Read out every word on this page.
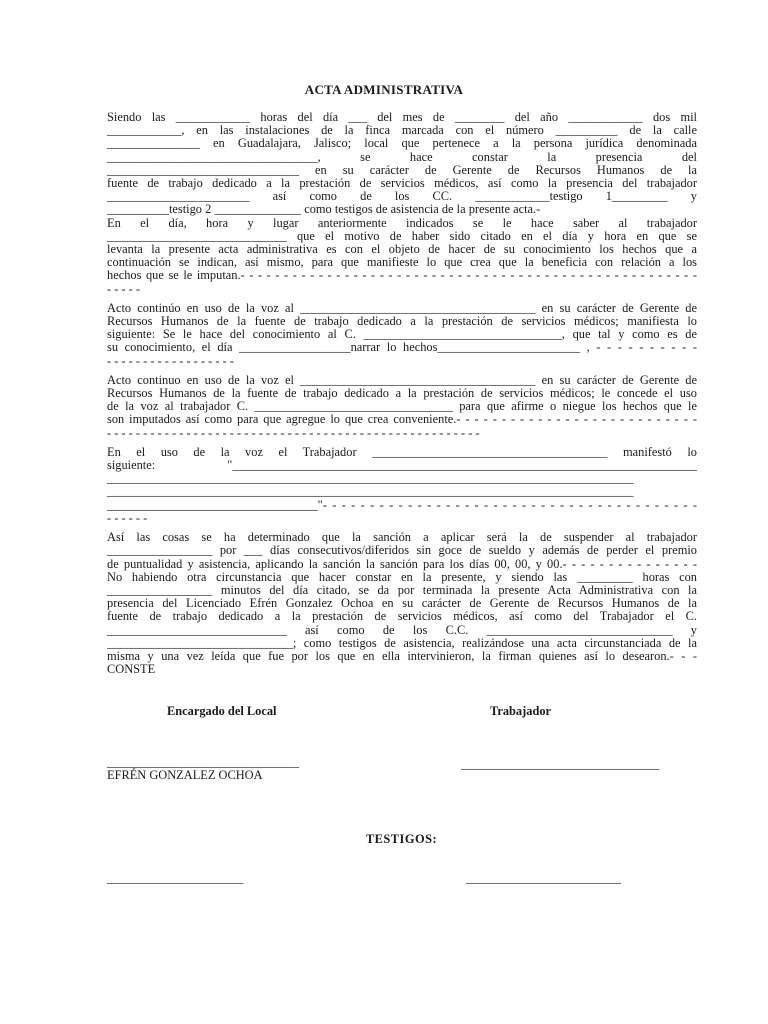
ACTA ADMINISTRATIVA

Siendo las ____________ horas del día ___ del mes de ________ del año ____________ dos mil

____________, en las instalaciones de la finca marcada con el número __________ de la calle

_______________ en Guadalajara, Jalisco; local que pertenece a la persona jurídica denominada

__________________________________, se hace constar la presencia del

_______________________________ en su carácter de Gerente de Recursos Humanos de la

fuente de trabajo dedicado a la prestación de servicios médicos, así como la presencia del trabajador

_______________________ así como de los CC. ____________testigo 1_________ y

__________testigo 2 ______________ como testigos de asistencia de la presente acta.-

En el día, hora y lugar anteriormente indicados se le hace saber al trabajador

_____________________________ que el motivo de haber sido citado en el día y hora en que se

levanta la presente acta administrativa es con el objeto de hacer de su conocimiento los hechos que a

continuación se indican, así mismo, para que manifieste lo que crea que la beneficia con relación a los

hechos que se le imputan.- - - - - - - - - - - - - - - - - - - - - - - - - - - - - - - - - - - - - - - - - - - - - - - - - - - - -

- - - - -

Acto continúo en uso de la voz al ______________________________________ en su carácter de Gerente de

Recursos Humanos de la fuente de trabajo dedicado a la prestación de servicios médicos; manifiesta lo

siguiente: Se le hace del conocimiento al C. ________________________________, que tal y como es de

su conocimiento, el día __________________narrar lo hechos_______________________ , - - - - - - - - - -

- - - - - - - - - - - - - - - - - -

Acto continuo en uso de la voz el ______________________________________ en su carácter de Gerente de

Recursos Humanos de la fuente de trabajo dedicado a la prestación de servicios médicos; le concede el uso

de la voz al trabajador C. ________________________________ para que afirme o niegue los hechos que le

son imputados así como para que agregue lo que crea conveniente.- - - - - - - - - - - - - - - - - - - - - - - - - - -

- - - - - - - - - - - - - - - - - - - - - - - - - - - - - - - - - - - - - - - - - - - - - - - - - - - -

En el uso de la voz el Trabajador ______________________________________ manifestó lo

siguiente: "___________________________________________________________________________

_____________________________________________________________________________________

_____________________________________________________________________________________

__________________________________"- - - - - - - - - - - - - - - - - - - - - - - - - - - - - - - - - - - - - - - -

- - - - - -

Así las cosas se ha determinado que la sanción a aplicar será la de suspender al trabajador

_________________ por ___ días consecutivos/diferidos sin goce de sueldo y además de perder el premio

de puntualidad y asistencia, aplicando la sanción la sanción para los días 00, 00, y 00.- - - - - - - - - - - - - - -

No habiendo otra circunstancia que hacer constar en la presente, y siendo las _________ horas con

_________________ minutos del día citado, se da por terminada la presente Acta Administrativa con la

presencia del Licenciado Efrén Gonzalez Ochoa en su carácter de Gerente de Recursos Humanos de la

fuente de trabajo dedicado a la prestación de servicios médicos, así como del Trabajador el C.

_____________________________ así como de los C.C. ______________________________ y

______________________________; como testigos de asistencia, realizándose una acta circunstanciada de la

misma y una vez leída que fue por los que en ella intervinieron, la firman quienes así lo desearon.- - -

CONSTE

Encargado del Local	Trabajador
_______________________________
EFRÉN GONZALEZ OCHOA
________________________________
TESTIGOS:
______________________	_________________________
